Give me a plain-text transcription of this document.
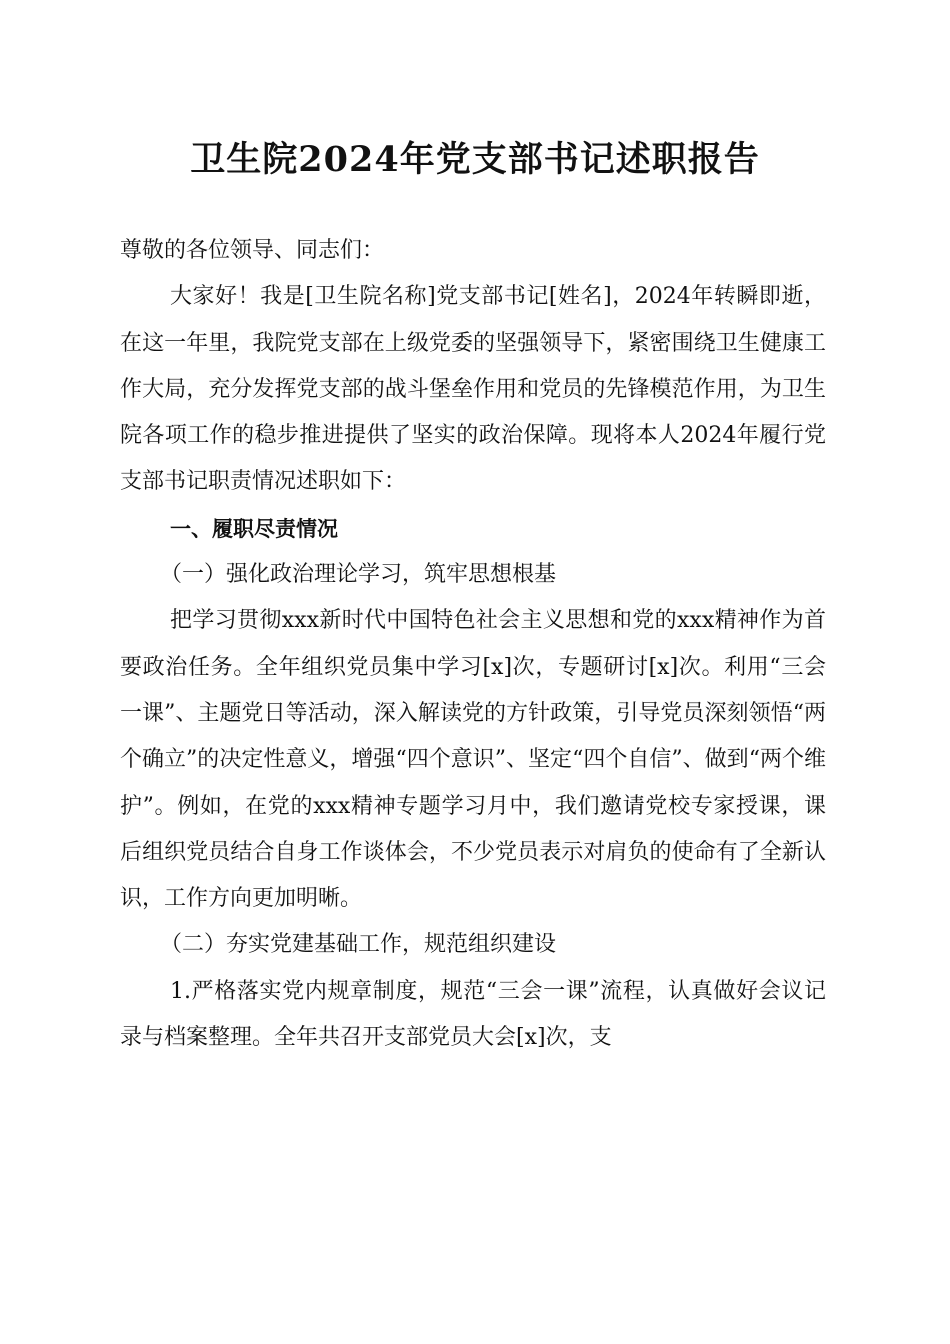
卫生院2024年党支部书记述职报告

尊敬的各位领导、同志们：

大家好！我是[卫生院名称]党支部书记[姓名]，2024年转瞬即逝，在这一年里，我院党支部在上级党委的坚强领导下，紧密围绕卫生健康工作大局，充分发挥党支部的战斗堡垒作用和党员的先锋模范作用，为卫生院各项工作的稳步推进提供了坚实的政治保障。现将本人2024年履行党支部书记职责情况述职如下：

一、履职尽责情况

（一）强化政治理论学习，筑牢思想根基

把学习贯彻xxx新时代中国特色社会主义思想和党的xxx精神作为首要政治任务。全年组织党员集中学习[x]次，专题研讨[x]次。利用“三会一课”、主题党日等活动，深入解读党的方针政策，引导党员深刻领悟“两个确立”的决定性意义，增强“四个意识”、坚定“四个自信”、做到“两个维护”。例如，在党的xxx精神专题学习月中，我们邀请党校专家授课，课后组织党员结合自身工作谈体会，不少党员表示对肩负的使命有了全新认识，工作方向更加明晰。

（二）夯实党建基础工作，规范组织建设

1.严格落实党内规章制度，规范“三会一课”流程，认真做好会议记录与档案整理。全年共召开支部党员大会[x]次，支
